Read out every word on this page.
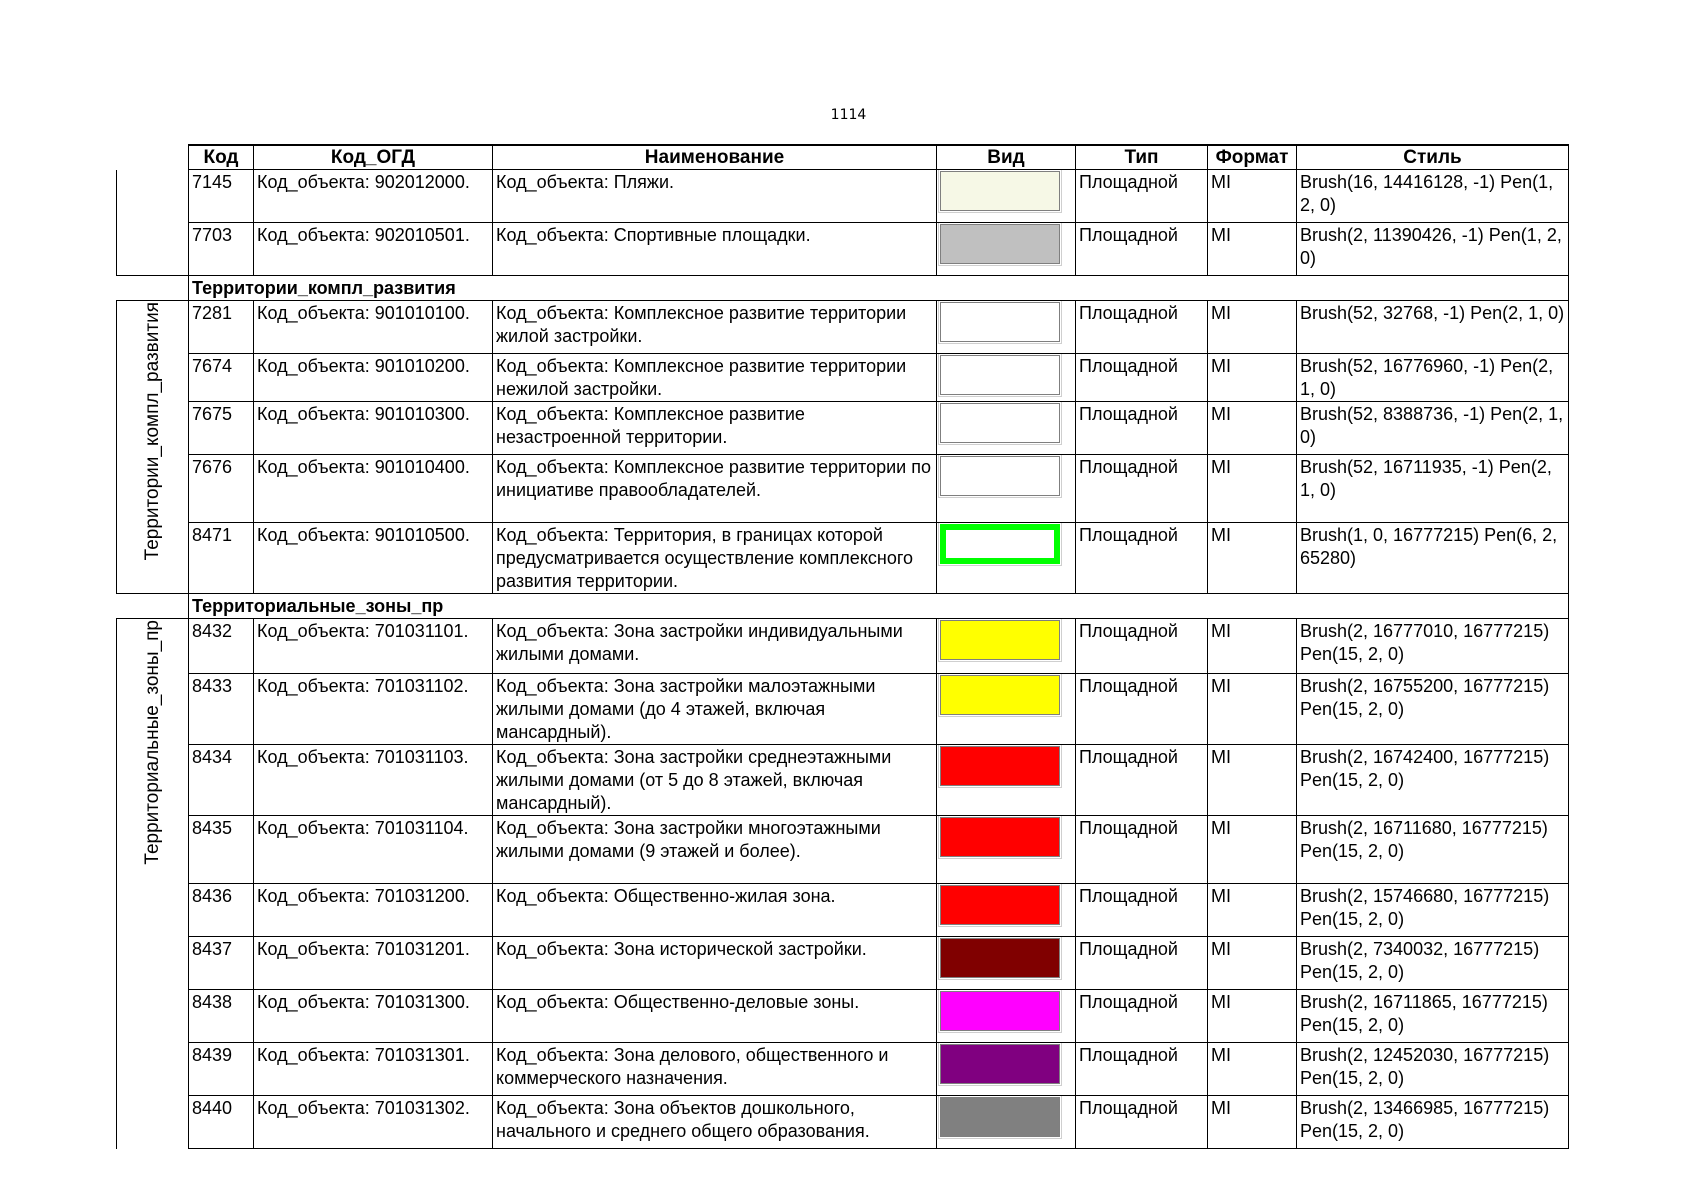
1114
	Код	Код_ОГД	Наименование	Вид	Тип	Формат	Стиль
	7145	Код_объекта: 902012000.	Код_объекта: Пляжи.		Площадной	MI	Brush(16, 14416128, -1) Pen(1, 2, 0)
	7703	Код_объекта: 902010501.	Код_объекта: Спортивные площадки.		Площадной	MI	Brush(2, 11390426, -1) Pen(1, 2, 0)
	Территории_компл_развития						
Территории_компл_развития	7281	Код_объекта: 901010100.	Код_объекта: Комплексное развитие территории жилой застройки.		Площадной	MI	Brush(52, 32768, -1) Pen(2, 1, 0)
	7674	Код_объекта: 901010200.	Код_объекта: Комплексное развитие территории нежилой застройки.		Площадной	MI	Brush(52, 16776960, -1) Pen(2, 1, 0)
	7675	Код_объекта: 901010300.	Код_объекта: Комплексное развитие незастроенной территории.		Площадной	MI	Brush(52, 8388736, -1) Pen(2, 1, 0)
	7676	Код_объекта: 901010400.	Код_объекта: Комплексное развитие территории по инициативе правообладателей.		Площадной	MI	Brush(52, 16711935, -1) Pen(2, 1, 0)
	8471	Код_объекта: 901010500.	Код_объекта: Территория, в границах которой предусматривается осуществление комплексного развития территории.		Площадной	MI	Brush(1, 0, 16777215) Pen(6, 2, 65280)
	Территориальные_зоны_пр						
Территориальные_зоны_пр	8432	Код_объекта: 701031101.	Код_объекта: Зона застройки индивидуальными жилыми домами.		Площадной	MI	Brush(2, 16777010, 16777215) Pen(15, 2, 0)
	8433	Код_объекта: 701031102.	Код_объекта: Зона застройки малоэтажными жилыми домами (до 4 этажей, включая мансардный).		Площадной	MI	Brush(2, 16755200, 16777215) Pen(15, 2, 0)
	8434	Код_объекта: 701031103.	Код_объекта: Зона застройки среднеэтажными жилыми домами (от 5 до 8 этажей, включая мансардный).		Площадной	MI	Brush(2, 16742400, 16777215) Pen(15, 2, 0)
	8435	Код_объекта: 701031104.	Код_объекта: Зона застройки многоэтажными жилыми домами (9 этажей и более).		Площадной	MI	Brush(2, 16711680, 16777215) Pen(15, 2, 0)
	8436	Код_объекта: 701031200.	Код_объекта: Общественно-жилая зона.		Площадной	MI	Brush(2, 15746680, 16777215) Pen(15, 2, 0)
	8437	Код_объекта: 701031201.	Код_объекта: Зона исторической застройки.		Площадной	MI	Brush(2, 7340032, 16777215) Pen(15, 2, 0)
	8438	Код_объекта: 701031300.	Код_объекта: Общественно-деловые зоны.		Площадной	MI	Brush(2, 16711865, 16777215) Pen(15, 2, 0)
	8439	Код_объекта: 701031301.	Код_объекта: Зона делового, общественного и коммерческого назначения.		Площадной	MI	Brush(2, 12452030, 16777215) Pen(15, 2, 0)
	8440	Код_объекта: 701031302.	Код_объекта: Зона объектов дошкольного, начального и среднего общего образования.		Площадной	MI	Brush(2, 13466985, 16777215) Pen(15, 2, 0)
